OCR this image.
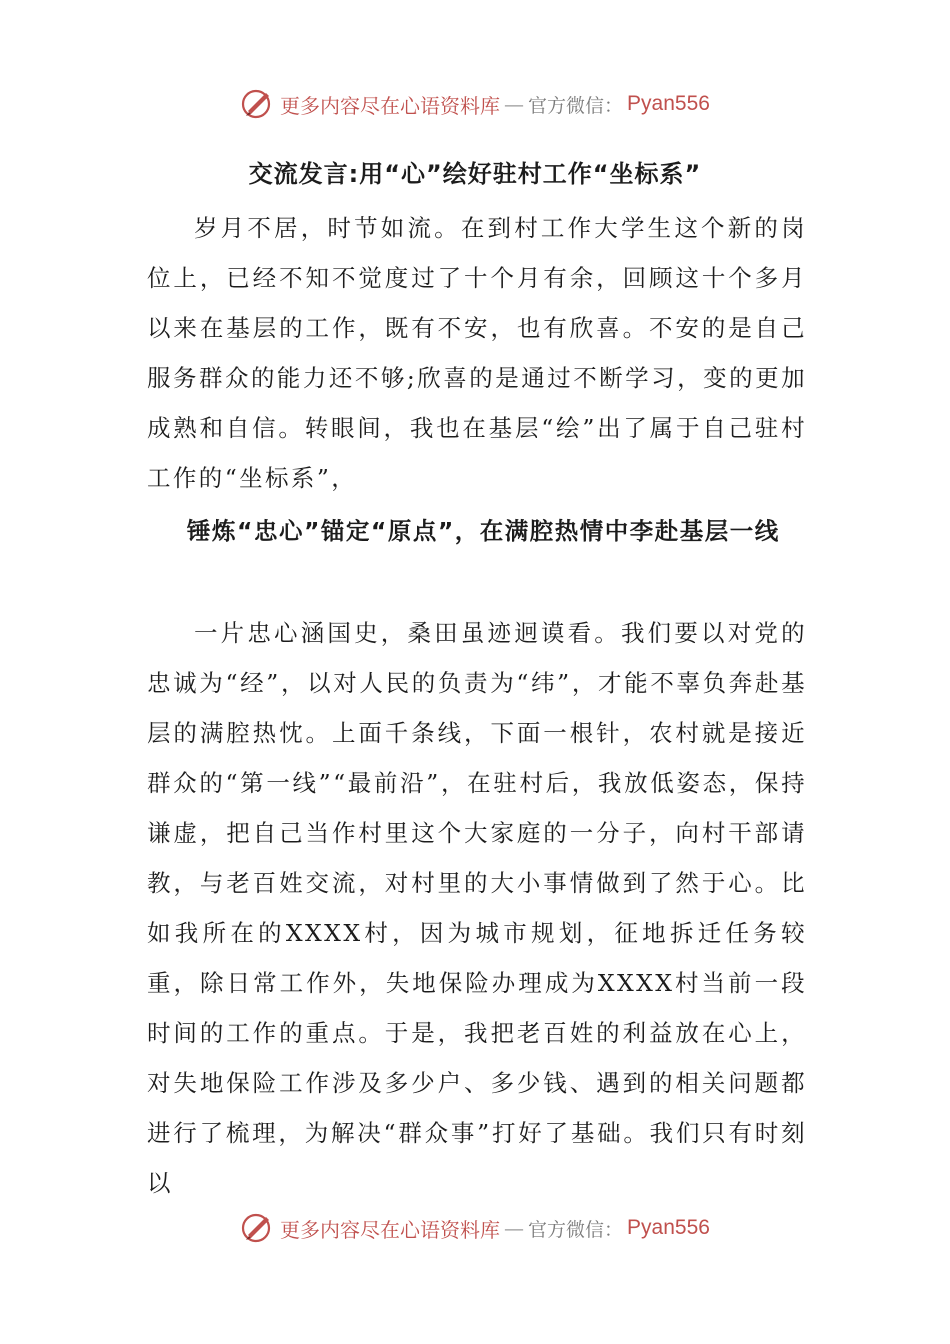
更多内容尽在心语资料库 — 官方微信： Pyan556
交流发言:用“心”绘好驻村工作“坐标系”

岁月不居，时节如流。在到村工作大学生这个新的岗位上，已经不知不觉度过了十个月有余，回顾这十个多月以来在基层的工作，既有不安，也有欣喜。不安的是自己服务群众的能力还不够;欣喜的是通过不断学习，变的更加成熟和自信。转眼间，我也在基层“绘”出了属于自己驻村工作的“坐标系”，

锤炼“忠心”锚定“原点”，在满腔热情中李赴基层一线

一片忠心涵国史，桑田虽迹迥谟看。我们要以对党的忠诚为“经”，以对人民的负责为“纬”，才能不辜负奔赴基层的满腔热忱。上面千条线，下面一根针，农村就是接近群众的“第一线”“最前沿”，在驻村后，我放低姿态，保持谦虚，把自己当作村里这个大家庭的一分子，向村干部请教，与老百姓交流，对村里的大小事情做到了然于心。比如我所在的XXXX村，因为城市规划，征地拆迁任务较重，除日常工作外，失地保险办理成为XXXX村当前一段时间的工作的重点。于是，我把老百姓的利益放在心上，对失地保险工作涉及多少户、多少钱、遇到的相关问题都进行了梳理，为解决“群众事”打好了基础。我们只有时刻以

更多内容尽在心语资料库 — 官方微信： Pyan556
